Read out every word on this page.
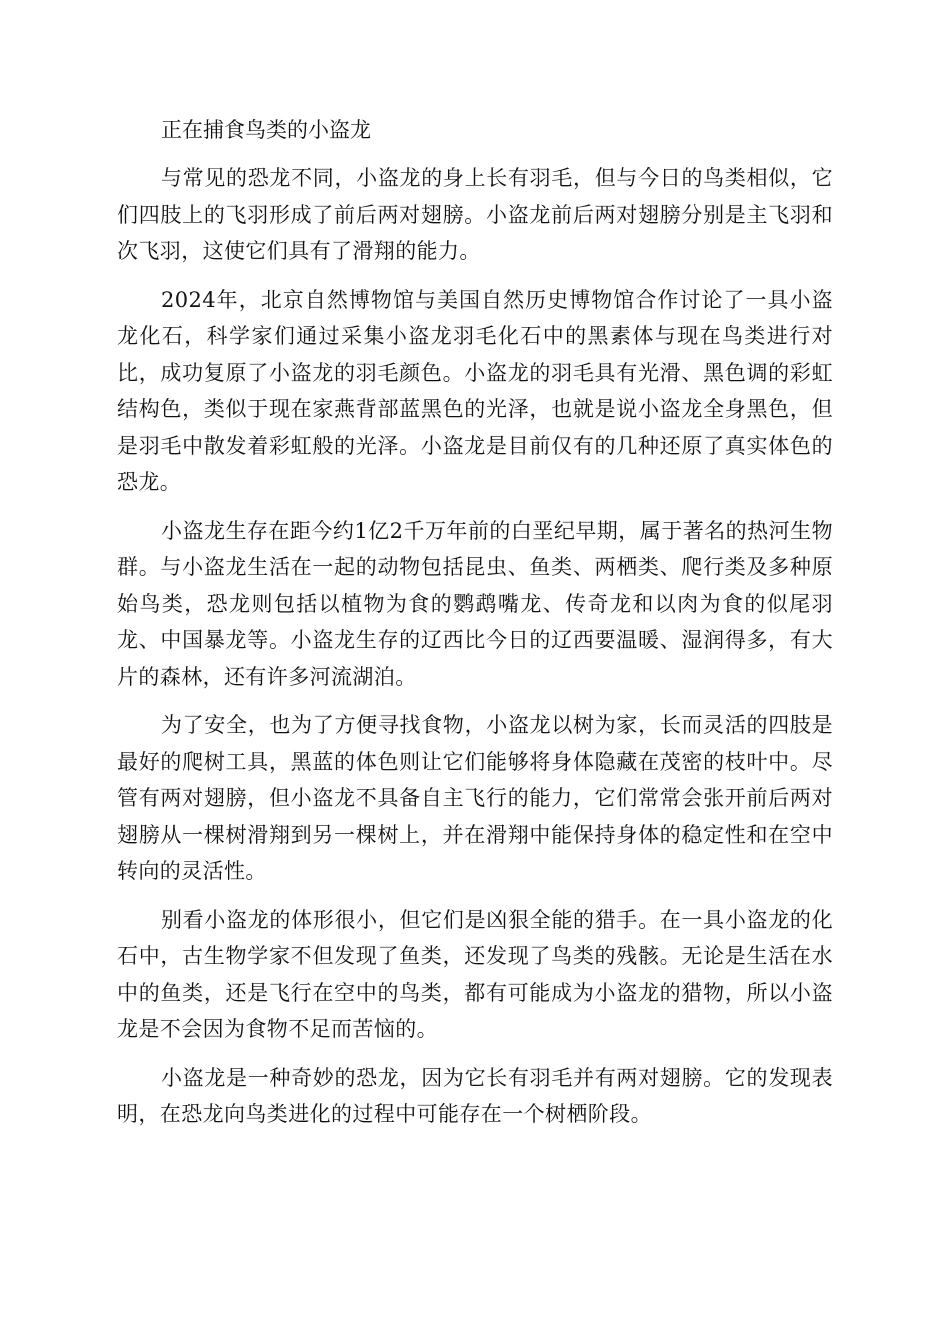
正在捕食鸟类的小盗龙

与常见的恐龙不同，小盗龙的身上长有羽毛，但与今日的鸟类相似，它们四肢上的飞羽形成了前后两对翅膀。小盗龙前后两对翅膀分别是主飞羽和次飞羽，这使它们具有了滑翔的能力。

2024年，北京自然博物馆与美国自然历史博物馆合作讨论了一具小盗龙化石，科学家们通过采集小盗龙羽毛化石中的黑素体与现在鸟类进行对比，成功复原了小盗龙的羽毛颜色。小盗龙的羽毛具有光滑、黑色调的彩虹结构色，类似于现在家燕背部蓝黑色的光泽，也就是说小盗龙全身黑色，但是羽毛中散发着彩虹般的光泽。小盗龙是目前仅有的几种还原了真实体色的恐龙。

小盗龙生存在距今约1亿2千万年前的白垩纪早期，属于著名的热河生物群。与小盗龙生活在一起的动物包括昆虫、鱼类、两栖类、爬行类及多种原始鸟类，恐龙则包括以植物为食的鹦鹉嘴龙、传奇龙和以肉为食的似尾羽龙、中国暴龙等。小盗龙生存的辽西比今日的辽西要温暖、湿润得多，有大片的森林，还有许多河流湖泊。

为了安全，也为了方便寻找食物，小盗龙以树为家，长而灵活的四肢是最好的爬树工具，黑蓝的体色则让它们能够将身体隐藏在茂密的枝叶中。尽管有两对翅膀，但小盗龙不具备自主飞行的能力，它们常常会张开前后两对翅膀从一棵树滑翔到另一棵树上，并在滑翔中能保持身体的稳定性和在空中转向的灵活性。

别看小盗龙的体形很小，但它们是凶狠全能的猎手。在一具小盗龙的化石中，古生物学家不但发现了鱼类，还发现了鸟类的残骸。无论是生活在水中的鱼类，还是飞行在空中的鸟类，都有可能成为小盗龙的猎物，所以小盗龙是不会因为食物不足而苦恼的。

小盗龙是一种奇妙的恐龙，因为它长有羽毛并有两对翅膀。它的发现表明，在恐龙向鸟类进化的过程中可能存在一个树栖阶段。
